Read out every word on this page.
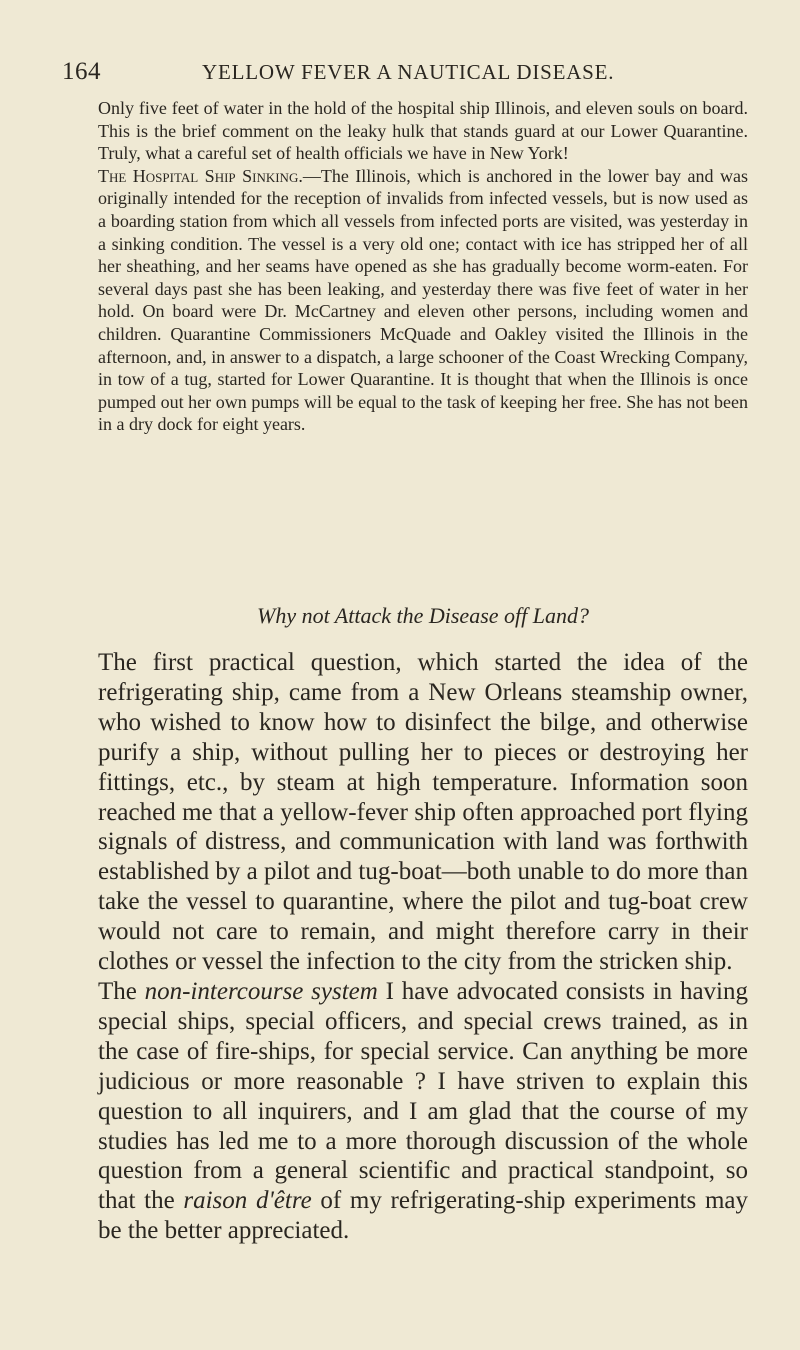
164	YELLOW FEVER A NAUTICAL DISEASE.

Only five feet of water in the hold of the hospital ship Illinois, and eleven souls on board. This is the brief comment on the leaky hulk that stands guard at our Lower Quarantine. Truly, what a careful set of health officials we have in New York!

The Hospital Ship Sinking.—The Illinois, which is anchored in the lower bay and was originally intended for the reception of invalids from infected vessels, but is now used as a boarding station from which all vessels from infected ports are visited, was yesterday in a sinking condition. The vessel is a very old one; contact with ice has stripped her of all her sheathing, and her seams have opened as she has gradually become worm-eaten. For several days past she has been leaking, and yesterday there was five feet of water in her hold. On board were Dr. McCartney and eleven other persons, including women and children. Quarantine Commissioners McQuade and Oakley visited the Illinois in the afternoon, and, in answer to a dispatch, a large schooner of the Coast Wrecking Company, in tow of a tug, started for Lower Quarantine. It is thought that when the Illinois is once pumped out her own pumps will be equal to the task of keeping her free. She has not been in a dry dock for eight years.

Why not Attack the Disease off Land?

The first practical question, which started the idea of the refrigerating ship, came from a New Orleans steamship owner, who wished to know how to disinfect the bilge, and otherwise purify a ship, without pulling her to pieces or destroying her fittings, etc., by steam at high temperature. Information soon reached me that a yellow-fever ship often approached port flying signals of distress, and communication with land was forthwith established by a pilot and tug-boat—both unable to do more than take the vessel to quarantine, where the pilot and tug-boat crew would not care to remain, and might therefore carry in their clothes or vessel the infection to the city from the stricken ship.

The non-intercourse system I have advocated consists in having special ships, special officers, and special crews trained, as in the case of fire-ships, for special service. Can anything be more judicious or more reasonable ? I have striven to explain this question to all inquirers, and I am glad that the course of my studies has led me to a more thorough discussion of the whole question from a general scientific and practical standpoint, so that the raison d'être of my refrigerating-ship experiments may be the better appreciated.
